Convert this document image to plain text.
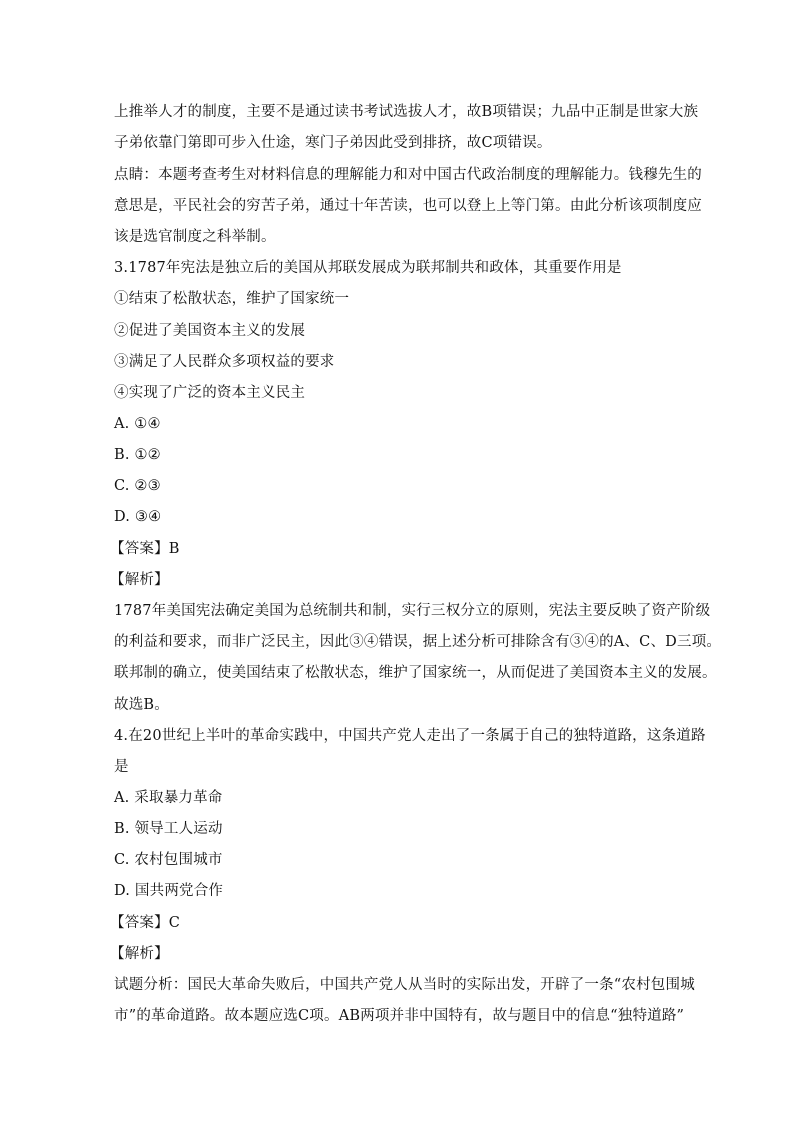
上推举人才的制度，主要不是通过读书考试选拔人才，故B项错误；九品中正制是世家大族
子弟依靠门第即可步入仕途，寒门子弟因此受到排挤，故C项错误。
点睛：本题考查考生对材料信息的理解能力和对中国古代政治制度的理解能力。钱穆先生的
意思是，平民社会的穷苦子弟，通过十年苦读，也可以登上上等门第。由此分析该项制度应
该是选官制度之科举制。
3.1787年宪法是独立后的美国从邦联发展成为联邦制共和政体，其重要作用是
①结束了松散状态，维护了国家统一
②促进了美国资本主义的发展
③满足了人民群众多项权益的要求
④实现了广泛的资本主义民主
A. ①④
B. ①②
C. ②③
D. ③④
【答案】B
【解析】
1787年美国宪法确定美国为总统制共和制，实行三权分立的原则，宪法主要反映了资产阶级
的利益和要求，而非广泛民主，因此③④错误，据上述分析可排除含有③④的A、C、D三项。
联邦制的确立，使美国结束了松散状态，维护了国家统一，从而促进了美国资本主义的发展。
故选B。
4.在20世纪上半叶的革命实践中，中国共产党人走出了一条属于自己的独特道路，这条道路
是
A. 采取暴力革命
B. 领导工人运动
C. 农村包围城市
D. 国共两党合作
【答案】C
【解析】
试题分析：国民大革命失败后，中国共产党人从当时的实际出发，开辟了一条“农村包围城
市”的革命道路。故本题应选C项。AB两项并非中国特有，故与题目中的信息“独特道路”
